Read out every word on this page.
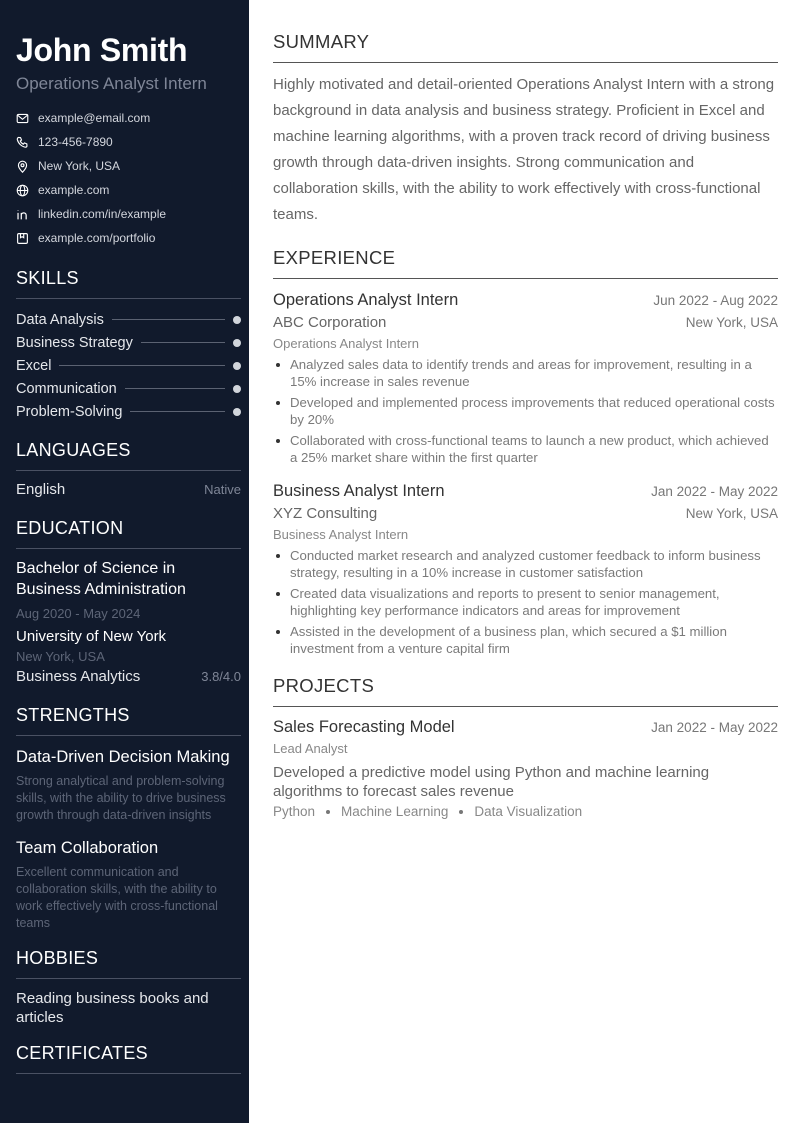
John Smith
Operations Analyst Intern
example@email.com
123-456-7890
New York, USA
example.com
linkedin.com/in/example
example.com/portfolio
SKILLS
Data Analysis
Business Strategy
Excel
Communication
Problem-Solving
LANGUAGES
English	Native
EDUCATION
Bachelor of Science in Business Administration
Aug 2020 - May 2024
University of New York
New York, USA
Business Analytics	3.8/4.0
STRENGTHS
Data-Driven Decision Making
Strong analytical and problem-solving skills, with the ability to drive business growth through data-driven insights
Team Collaboration
Excellent communication and collaboration skills, with the ability to work effectively with cross-functional teams
HOBBIES
Reading business books and articles
CERTIFICATES
SUMMARY

Highly motivated and detail-oriented Operations Analyst Intern with a strong background in data analysis and business strategy. Proficient in Excel and machine learning algorithms, with a proven track record of driving business growth through data-driven insights. Strong communication and collaboration skills, with the ability to work effectively with cross-functional teams.

EXPERIENCE
Operations Analyst Intern	Jun 2022 - Aug 2022
ABC Corporation	New York, USA
Operations Analyst Intern
Analyzed sales data to identify trends and areas for improvement, resulting in a 15% increase in sales revenue
Developed and implemented process improvements that reduced operational costs by 20%
Collaborated with cross-functional teams to launch a new product, which achieved a 25% market share within the first quarter
Business Analyst Intern	Jan 2022 - May 2022
XYZ Consulting	New York, USA
Business Analyst Intern
Conducted market research and analyzed customer feedback to inform business strategy, resulting in a 10% increase in customer satisfaction
Created data visualizations and reports to present to senior management, highlighting key performance indicators and areas for improvement
Assisted in the development of a business plan, which secured a $1 million investment from a venture capital firm
PROJECTS
Sales Forecasting Model	Jan 2022 - May 2022
Lead Analyst
Developed a predictive model using Python and machine learning algorithms to forecast sales revenue
Python Machine Learning Data Visualization
